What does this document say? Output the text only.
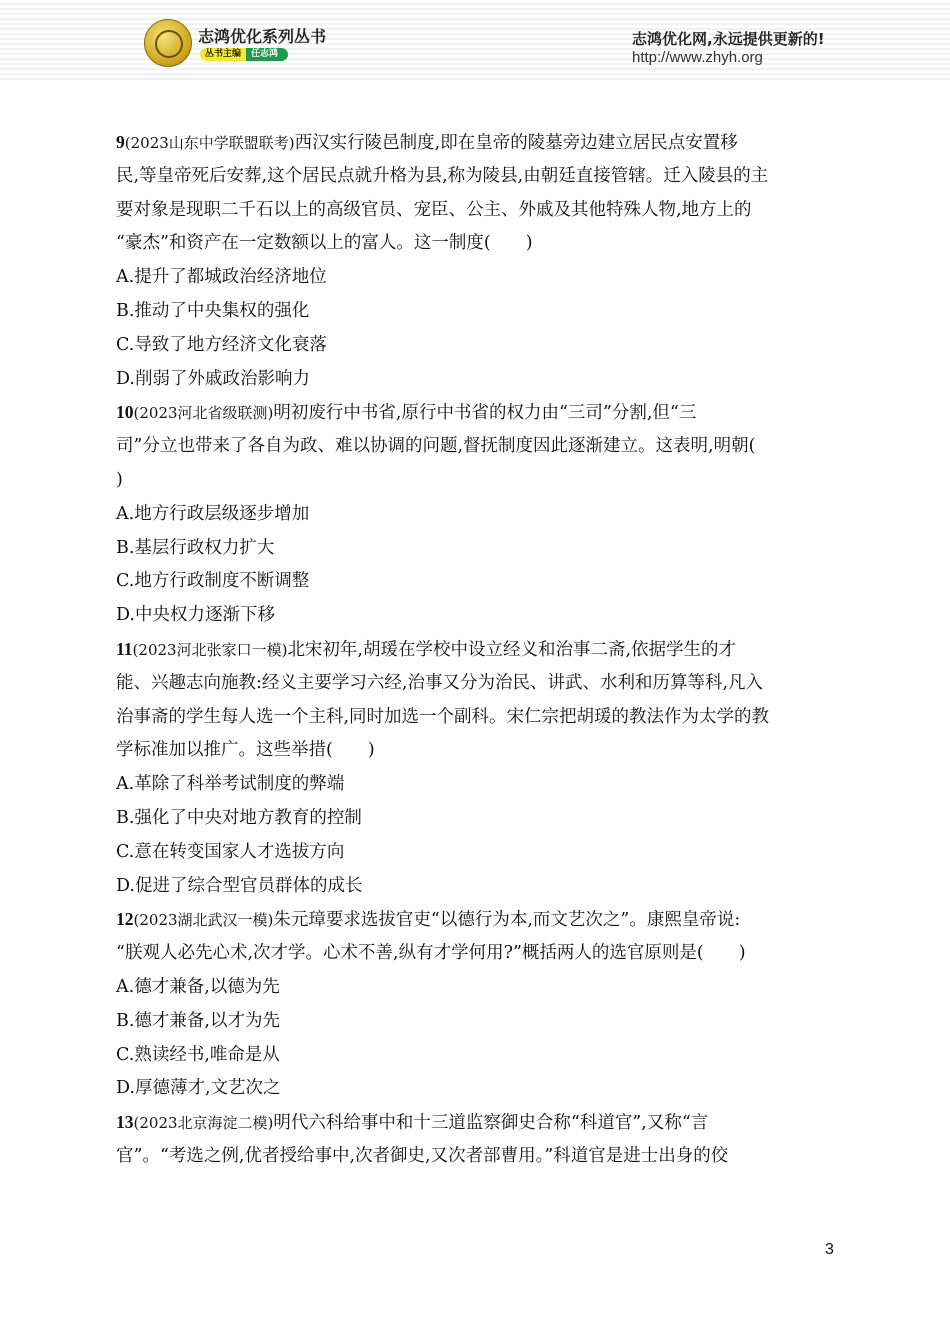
志鸿优化系列丛书
丛书主编	任志鸿
志鸿优化网,永远提供更新的!
http://www.zhyh.org
9(2023山东中学联盟联考)西汉实行陵邑制度,即在皇帝的陵墓旁边建立居民点安置移
民,等皇帝死后安葬,这个居民点就升格为县,称为陵县,由朝廷直接管辖。迁入陵县的主
要对象是现职二千石以上的高级官员、宠臣、公主、外戚及其他特殊人物,地方上的
“豪杰”和资产在一定数额以上的富人。这一制度(　　)
A.提升了都城政治经济地位
B.推动了中央集权的强化
C.导致了地方经济文化衰落
D.削弱了外戚政治影响力
10(2023河北省级联测)明初废行中书省,原行中书省的权力由“三司”分割,但“三
司”分立也带来了各自为政、难以协调的问题,督抚制度因此逐渐建立。这表明,明朝(
)
A.地方行政层级逐步增加
B.基层行政权力扩大
C.地方行政制度不断调整
D.中央权力逐渐下移
11(2023河北张家口一模)北宋初年,胡瑗在学校中设立经义和治事二斋,依据学生的才
能、兴趣志向施教:经义主要学习六经,治事又分为治民、讲武、水利和历算等科,凡入
治事斋的学生每人选一个主科,同时加选一个副科。宋仁宗把胡瑗的教法作为太学的教
学标准加以推广。这些举措(　　)
A.革除了科举考试制度的弊端
B.强化了中央对地方教育的控制
C.意在转变国家人才选拔方向
D.促进了综合型官员群体的成长
12(2023湖北武汉一模)朱元璋要求选拔官吏“以德行为本,而文艺次之”。康熙皇帝说:
“朕观人必先心术,次才学。心术不善,纵有才学何用?”概括两人的选官原则是(　　)
A.德才兼备,以德为先
B.德才兼备,以才为先
C.熟读经书,唯命是从
D.厚德薄才,文艺次之
13(2023北京海淀二模)明代六科给事中和十三道监察御史合称“科道官”,又称“言
官”。“考选之例,优者授给事中,次者御史,又次者部曹用。”科道官是进士出身的佼
3
